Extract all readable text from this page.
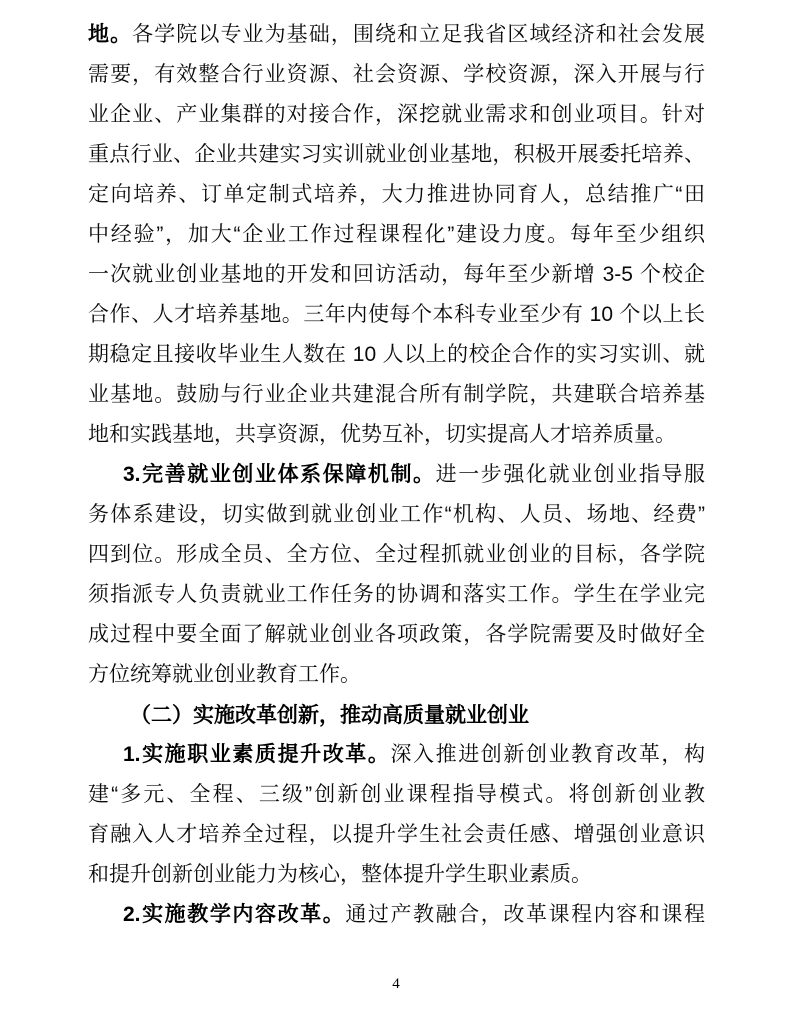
地。各学院以专业为基础，围绕和立足我省区域经济和社会发展
需要，有效整合行业资源、社会资源、学校资源，深入开展与行
业企业、产业集群的对接合作，深挖就业需求和创业项目。针对
重点行业、企业共建实习实训就业创业基地，积极开展委托培养、
定向培养、订单定制式培养，大力推进协同育人，总结推广“田
中经验”，加大“企业工作过程课程化”建设力度。每年至少组织
一次就业创业基地的开发和回访活动，每年至少新增 3-5 个校企
合作、人才培养基地。三年内使每个本科专业至少有 10 个以上长
期稳定且接收毕业生人数在 10 人以上的校企合作的实习实训、就
业基地。鼓励与行业企业共建混合所有制学院，共建联合培养基
地和实践基地，共享资源，优势互补，切实提高人才培养质量。
3.完善就业创业体系保障机制。进一步强化就业创业指导服
务体系建设，切实做到就业创业工作“机构、人员、场地、经费”
四到位。形成全员、全方位、全过程抓就业创业的目标，各学院
须指派专人负责就业工作任务的协调和落实工作。学生在学业完
成过程中要全面了解就业创业各项政策，各学院需要及时做好全
方位统筹就业创业教育工作。
（二）实施改革创新，推动高质量就业创业
1.实施职业素质提升改革。深入推进创新创业教育改革，构
建“多元、全程、三级”创新创业课程指导模式。将创新创业教
育融入人才培养全过程，以提升学生社会责任感、增强创业意识
和提升创新创业能力为核心，整体提升学生职业素质。
2.实施教学内容改革。通过产教融合，改革课程内容和课程
4
